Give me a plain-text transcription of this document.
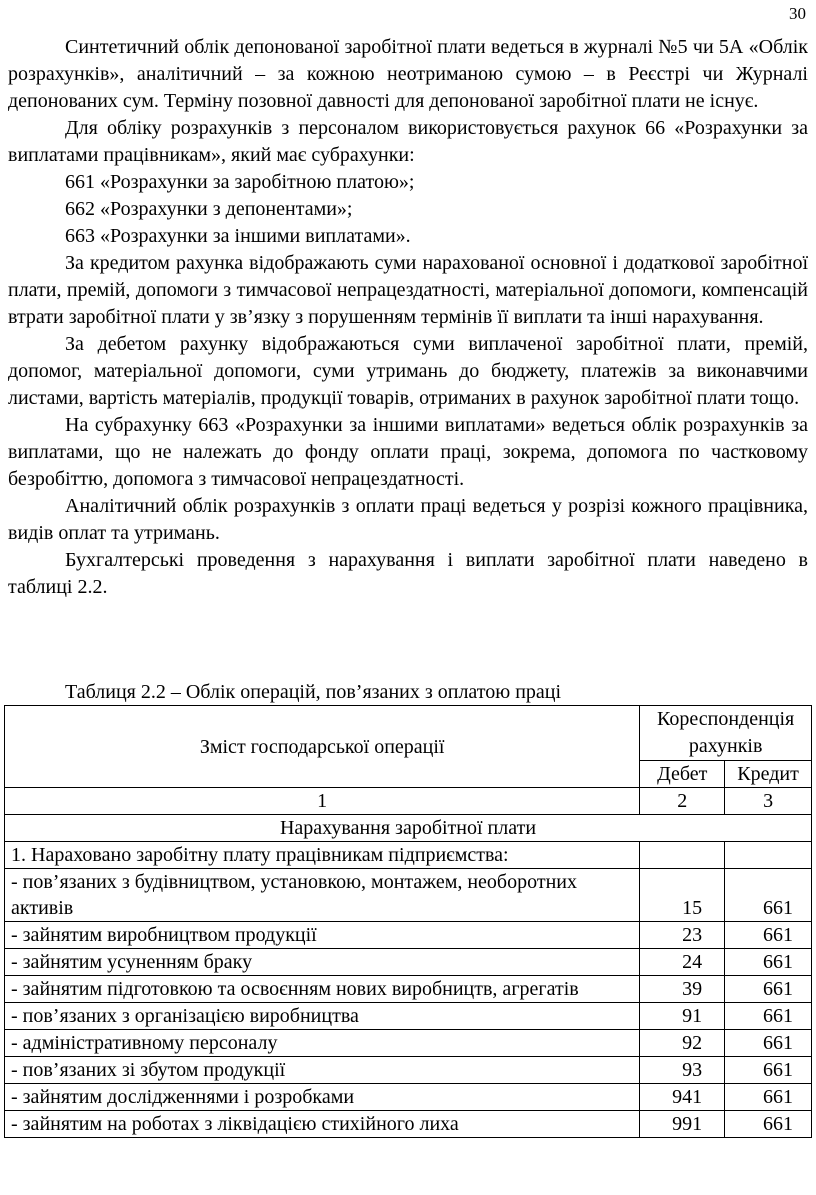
30

Синтетичний облік депонованої заробітної плати ведеться в журналі №5 чи 5А «Облік розрахунків», аналітичний – за кожною неотриманою сумою – в Реєстрі чи Журналі депонованих сум. Терміну позовної давності для депонованої заробітної плати не існує.

Для обліку розрахунків з персоналом використовується рахунок 66 «Розрахунки за виплатами працівникам», який має субрахунки:

661 «Розрахунки за заробітною платою»;

662 «Розрахунки з депонентами»;

663 «Розрахунки за іншими виплатами».

За кредитом рахунка відображають суми нарахованої основної і додаткової заробітної плати, премій, допомоги з тимчасової непрацездатності, матеріальної допомоги, компенсацій втрати заробітної плати у зв’язку з порушенням термінів її виплати та інші нарахування.

За дебетом рахунку відображаються суми виплаченої заробітної плати, премій, допомог, матеріальної допомоги, суми утримань до бюджету, платежів за виконавчими листами, вартість матеріалів, продукції товарів, отриманих в рахунок заробітної плати тощо.

На субрахунку 663 «Розрахунки за іншими виплатами» ведеться облік розрахунків за виплатами, що не належать до фонду оплати праці, зокрема, допомога по частковому безробіттю, допомога з тимчасової непрацездатності.

Аналітичний облік розрахунків з оплати праці ведеться у розрізі кожного працівника, видів оплат та утримань.

Бухгалтерські проведення з нарахування і виплати заробітної плати наведено в таблиці 2.2.

Таблиця 2.2 – Облік операцій, пов’язаних з оплатою праці
Зміст господарської операції	Кореспонденція рахунків	
	Дебет	Кредит
1	2	3
Нарахування заробітної плати		
1. Нараховано заробітну плату працівникам підприємства:		
- пов’язаних з будівництвом, установкою, монтажем, необоротних активів	15	661
- зайнятим виробництвом продукції	23	661
- зайнятим усуненням браку	24	661
- зайнятим підготовкою та освоєнням нових виробництв, агрегатів	39	661
- пов’язаних з організацією виробництва	91	661
- адміністративному персоналу	92	661
- пов’язаних зі збутом продукції	93	661
- зайнятим дослідженнями і розробками	941	661
- зайнятим на роботах з ліквідацією стихійного лиха	991	661
